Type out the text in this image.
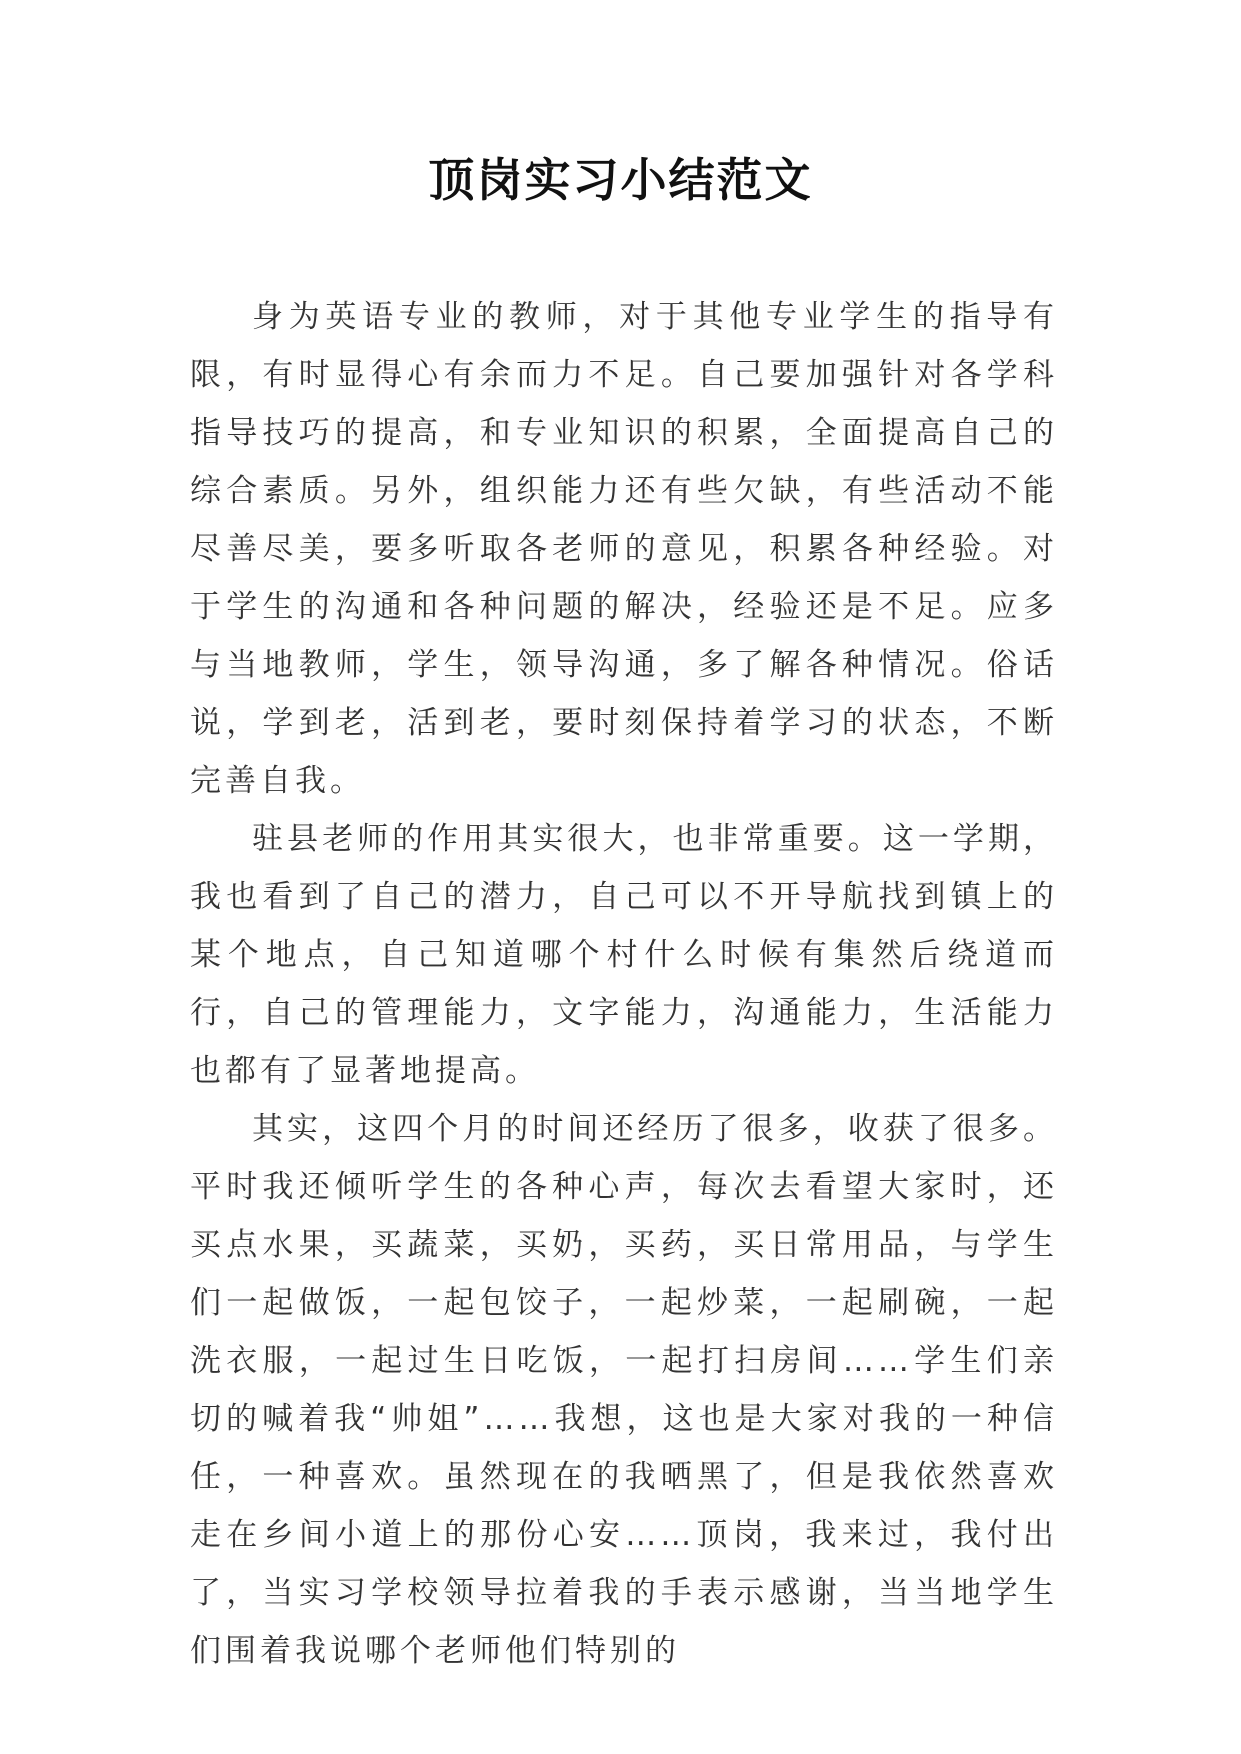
顶岗实习小结范文

身为英语专业的教师，对于其他专业学生的指导有限，有时显得心有余而力不足。自己要加强针对各学科指导技巧的提高，和专业知识的积累，全面提高自己的综合素质。另外，组织能力还有些欠缺，有些活动不能尽善尽美，要多听取各老师的意见，积累各种经验。对于学生的沟通和各种问题的解决，经验还是不足。应多与当地教师，学生，领导沟通，多了解各种情况。俗话说，学到老，活到老，要时刻保持着学习的状态，不断完善自我。

驻县老师的作用其实很大，也非常重要。这一学期，我也看到了自己的潜力，自己可以不开导航找到镇上的某个地点，自己知道哪个村什么时候有集然后绕道而行，自己的管理能力，文字能力，沟通能力，生活能力也都有了显著地提高。

其实，这四个月的时间还经历了很多，收获了很多。平时我还倾听学生的各种心声，每次去看望大家时，还买点水果，买蔬菜，买奶，买药，买日常用品，与学生们一起做饭，一起包饺子，一起炒菜，一起刷碗，一起洗衣服，一起过生日吃饭，一起打扫房间……学生们亲切的喊着我“帅姐”……我想，这也是大家对我的一种信任，一种喜欢。虽然现在的我晒黑了，但是我依然喜欢走在乡间小道上的那份心安……顶岗，我来过，我付出了，当实习学校领导拉着我的手表示感谢，当当地学生们围着我说哪个老师他们特别的
